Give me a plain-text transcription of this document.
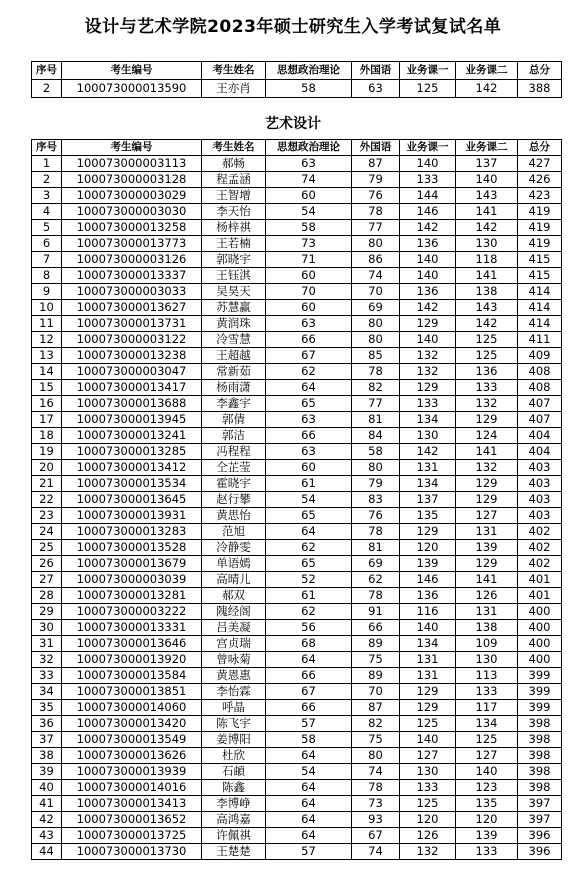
设计与艺术学院2023年硕士研究生入学考试复试名单
序号	考生编号	考生姓名	思想政治理论	外国语	业务课一	业务课二	总分
2	100073000013590	王亦肖	58	63	125	142	388
艺术设计
序号	考生编号	考生姓名	思想政治理论	外国语	业务课一	业务课二	总分
1	100073000003113	郝畅	63	87	140	137	427
2	100073000003128	程孟涵	74	79	133	140	426
3	100073000003029	王智增	60	76	144	143	423
4	100073000003030	李天怡	54	78	146	141	419
5	100073000013258	杨梓祺	58	77	142	142	419
6	100073000013773	王若楠	73	80	136	130	419
7	100073000003126	郭晓宇	71	86	140	118	415
8	100073000013337	王钰淇	60	74	140	141	415
9	100073000003033	吴昊天	70	70	136	138	414
10	100073000013627	苏慧赢	60	69	142	143	414
11	100073000013731	黄润珠	63	80	129	142	414
12	100073000003122	冷雪慧	66	80	140	125	411
13	100073000013238	王超越	67	85	132	125	409
14	100073000003047	常新茹	62	78	132	136	408
15	100073000013417	杨雨潇	64	82	129	133	408
16	100073000013688	李鑫宇	65	77	133	132	407
17	100073000013945	郭倩	63	81	134	129	407
18	100073000013241	郭洁	66	84	130	124	404
19	100073000013285	冯程程	63	58	142	141	404
20	100073000013412	仝芷莹	60	80	131	132	403
21	100073000013534	霍晓宇	61	79	134	129	403
22	100073000013645	赵行攀	54	83	137	129	403
23	100073000013931	黄思怡	65	76	135	127	403
24	100073000013283	范旭	64	78	129	131	402
25	100073000013528	冷静雯	62	81	120	139	402
26	100073000013679	单语嫣	65	69	139	129	402
27	100073000003039	高晴儿	52	62	146	141	401
28	100073000013281	郝双	61	78	136	126	401
29	100073000003222	隗经阁	62	91	116	131	400
30	100073000013331	吕美凝	56	66	140	138	400
31	100073000013646	宫贞瑞	68	89	134	109	400
32	100073000013920	曾咏菊	64	75	131	130	400
33	100073000013584	黄恩惠	66	89	131	113	399
34	100073000013851	李怡霖	67	70	129	133	399
35	100073000014060	呼晶	66	87	129	117	399
36	100073000013420	陈飞宇	57	82	125	134	398
37	100073000013549	姜博阳	58	75	140	125	398
38	100073000013626	杜欣	64	80	127	127	398
39	100073000013939	石頔	54	74	130	140	398
40	100073000014016	陈鑫	64	78	133	123	398
41	100073000013413	李博峥	64	73	125	135	397
42	100073000013652	高鸿嘉	64	93	120	120	397
43	100073000013725	许佩祺	64	67	126	139	396
44	100073000013730	王楚楚	57	74	132	133	396
